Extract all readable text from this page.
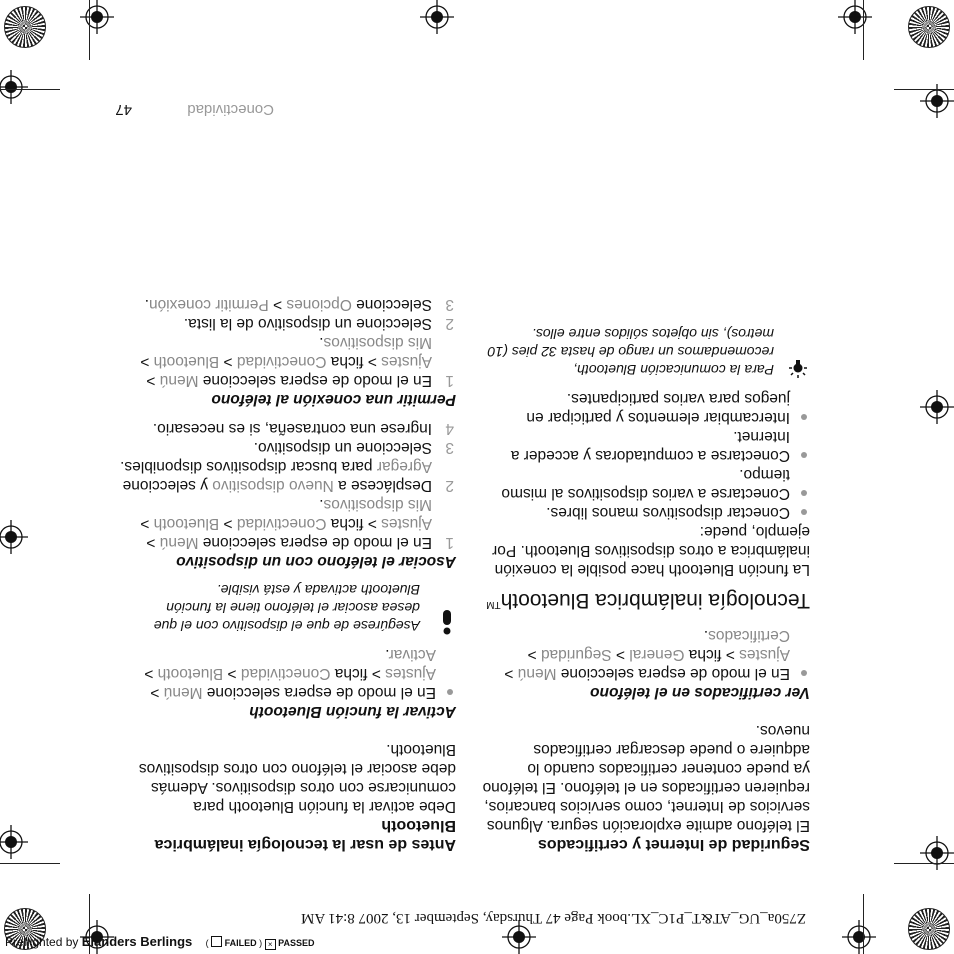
Z750a_UG_AT&T_P1C_XL.book Page 47 Thursday, September 13, 2007 8:41 AM
Seguridad de Internet y certificados

El teléfono admite exploración segura. Algunos servicios de Internet, como servicios bancarios, requieren certificados en el teléfono. El teléfono ya puede contener certificados cuando lo adquiere o puede descargar certificados nuevos.

Ver certificados en el teléfono
En el modo de espera seleccione Menú > Ajustes > ficha General > Seguridad > Certificados.
Tecnología inalámbrica Bluetooth™

La función Bluetooth hace posible la conexión inalámbrica a otros dispositivos Bluetooth. Por ejemplo, puede:

Conectar dispositivos manos libres.
Conectarse a varios dispositivos al mismo tiempo.
Conectarse a computadoras y acceder a Internet.
Intercambiar elementos y participar en juegos para varios participantes.
Para la comunicación Bluetooth, recomendamos un rango de hasta 32 pies (10 metros), sin objetos sólidos entre ellos.
Antes de usar la tecnología inalámbrica Bluetooth

Debe activar la función Bluetooth para comunicarse con otros dispositivos. Además debe asociar el teléfono con otros dispositivos Bluetooth.

Activar la función Bluetooth
En el modo de espera seleccione Menú > Ajustes > ficha Conectividad > Bluetooth > Activar.
Asegúrese de que el dispositivo con el que desea asociar el teléfono tiene la función Bluetooth activada y está visible.
Asociar el teléfono con un dispositivo
1
En el modo de espera seleccione Menú > Ajustes > ficha Conectividad > Bluetooth > Mis dispositivos.
2
Desplácese a Nuevo dispositivo y seleccione Agregar para buscar dispositivos disponibles.
3
Seleccione un dispositivo.
4
Ingrese una contraseña, si es necesario.
Permitir una conexión al teléfono
1
En el modo de espera seleccione Menú > Ajustes > ficha Conectividad > Bluetooth > Mis dispositivos.
2
Seleccione un dispositivo de la lista.
3
Seleccione Opciones > Permitir conexión.
Conectividad
47
Preflighted by Elanders Berlings (  FAILED ) × PASSED
